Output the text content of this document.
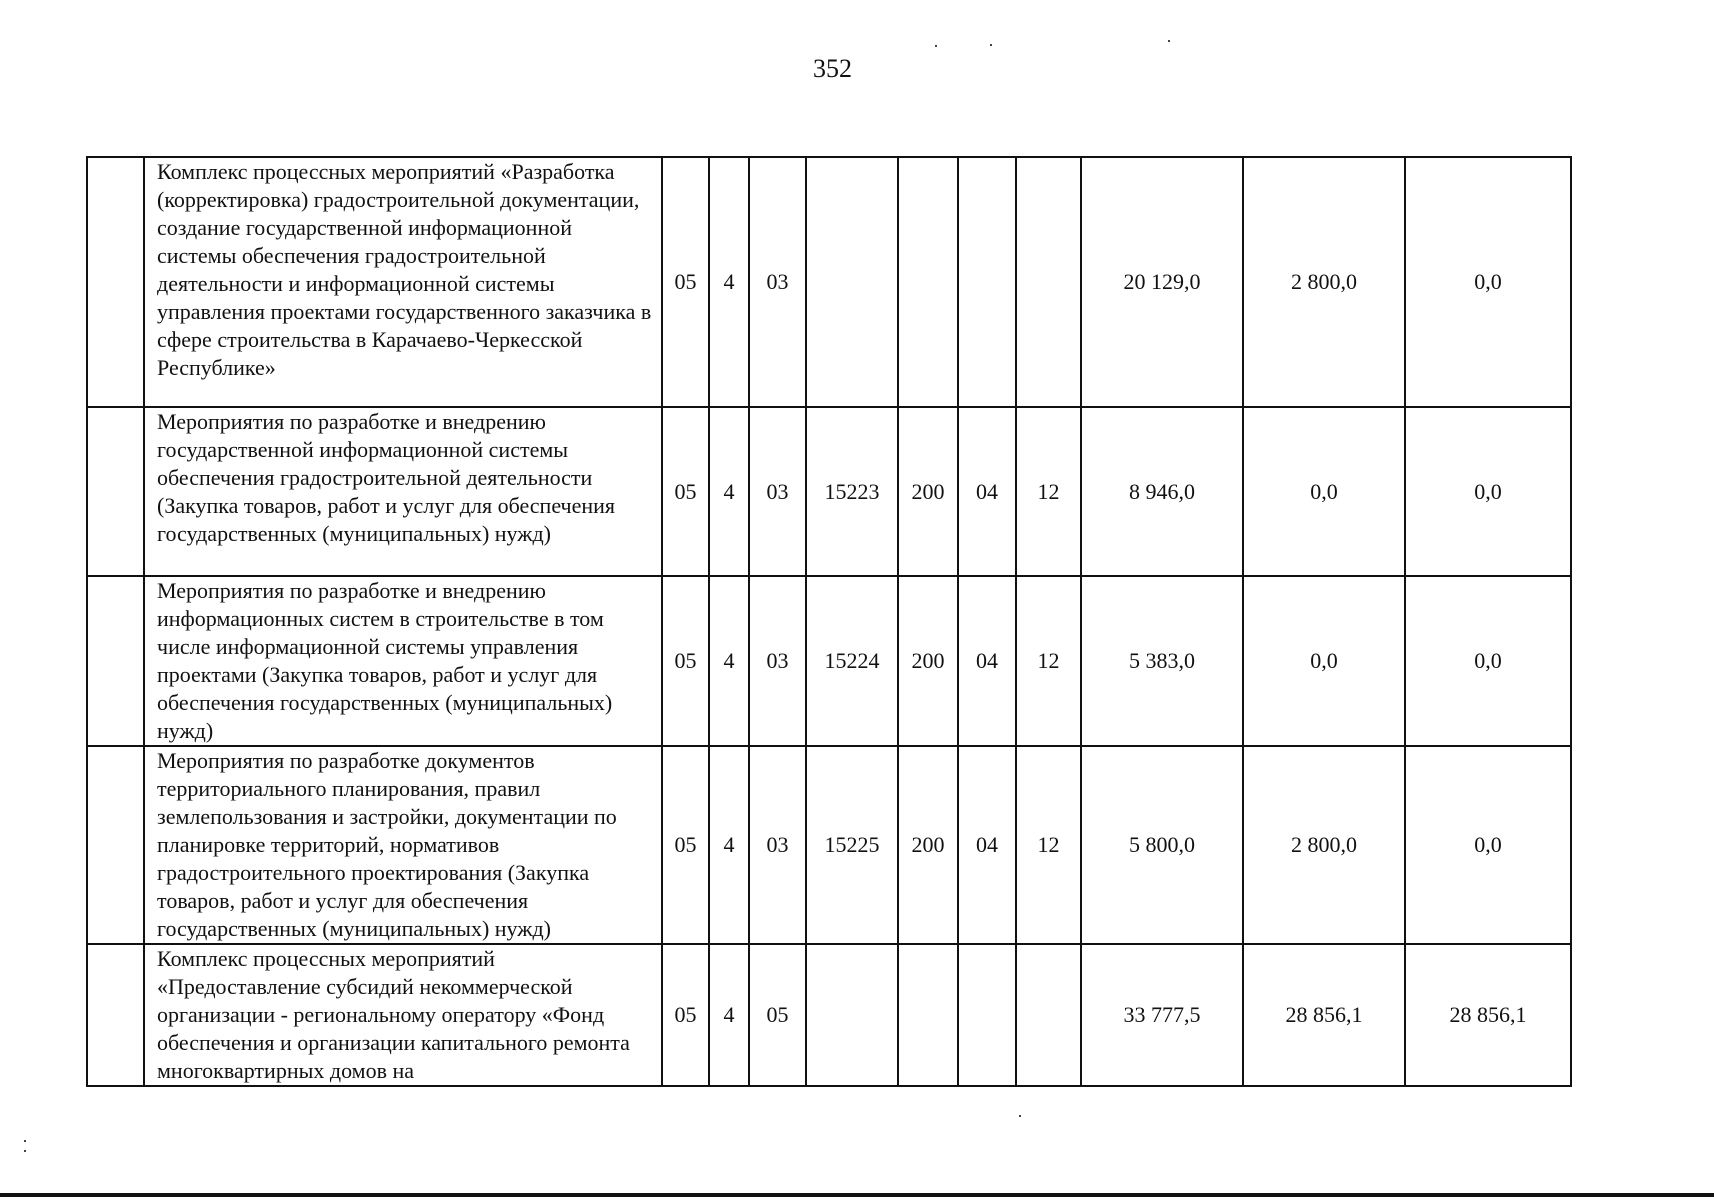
352
	Комплекс процессных мероприятий «Разработка (корректировка) градостроительной документации, создание государственной информационной системы обеспечения градостроительной деятельности и информационной системы управления проектами государственного заказчика в сфере строительства в Карачаево-Черкесской Республике»	05	4	03					20 129,0	2 800,0	0,0
	Мероприятия по разработке и внедрению государственной информационной системы обеспечения градостроительной деятельности (Закупка товаров, работ и услуг для обеспечения государственных (муниципальных) нужд)	05	4	03	15223	200	04	12	8 946,0	0,0	0,0
	Мероприятия по разработке и внедрению информационных систем в строительстве в том числе информационной системы управления проектами (Закупка товаров, работ и услуг для обеспечения государственных (муниципальных) нужд)	05	4	03	15224	200	04	12	5 383,0	0,0	0,0
	Мероприятия по разработке документов территориального планирования, правил землепользования и застройки, документации по планировке территорий, нормативов градостроительного проектирования (Закупка товаров, работ и услуг для обеспечения государственных (муниципальных) нужд)	05	4	03	15225	200	04	12	5 800,0	2 800,0	0,0
	Комплекс процессных мероприятий «Предоставление субсидий некоммерческой организации - региональному оператору «Фонд обеспечения и организации капитального ремонта многоквартирных домов на	05	4	05					33 777,5	28 856,1	28 856,1
